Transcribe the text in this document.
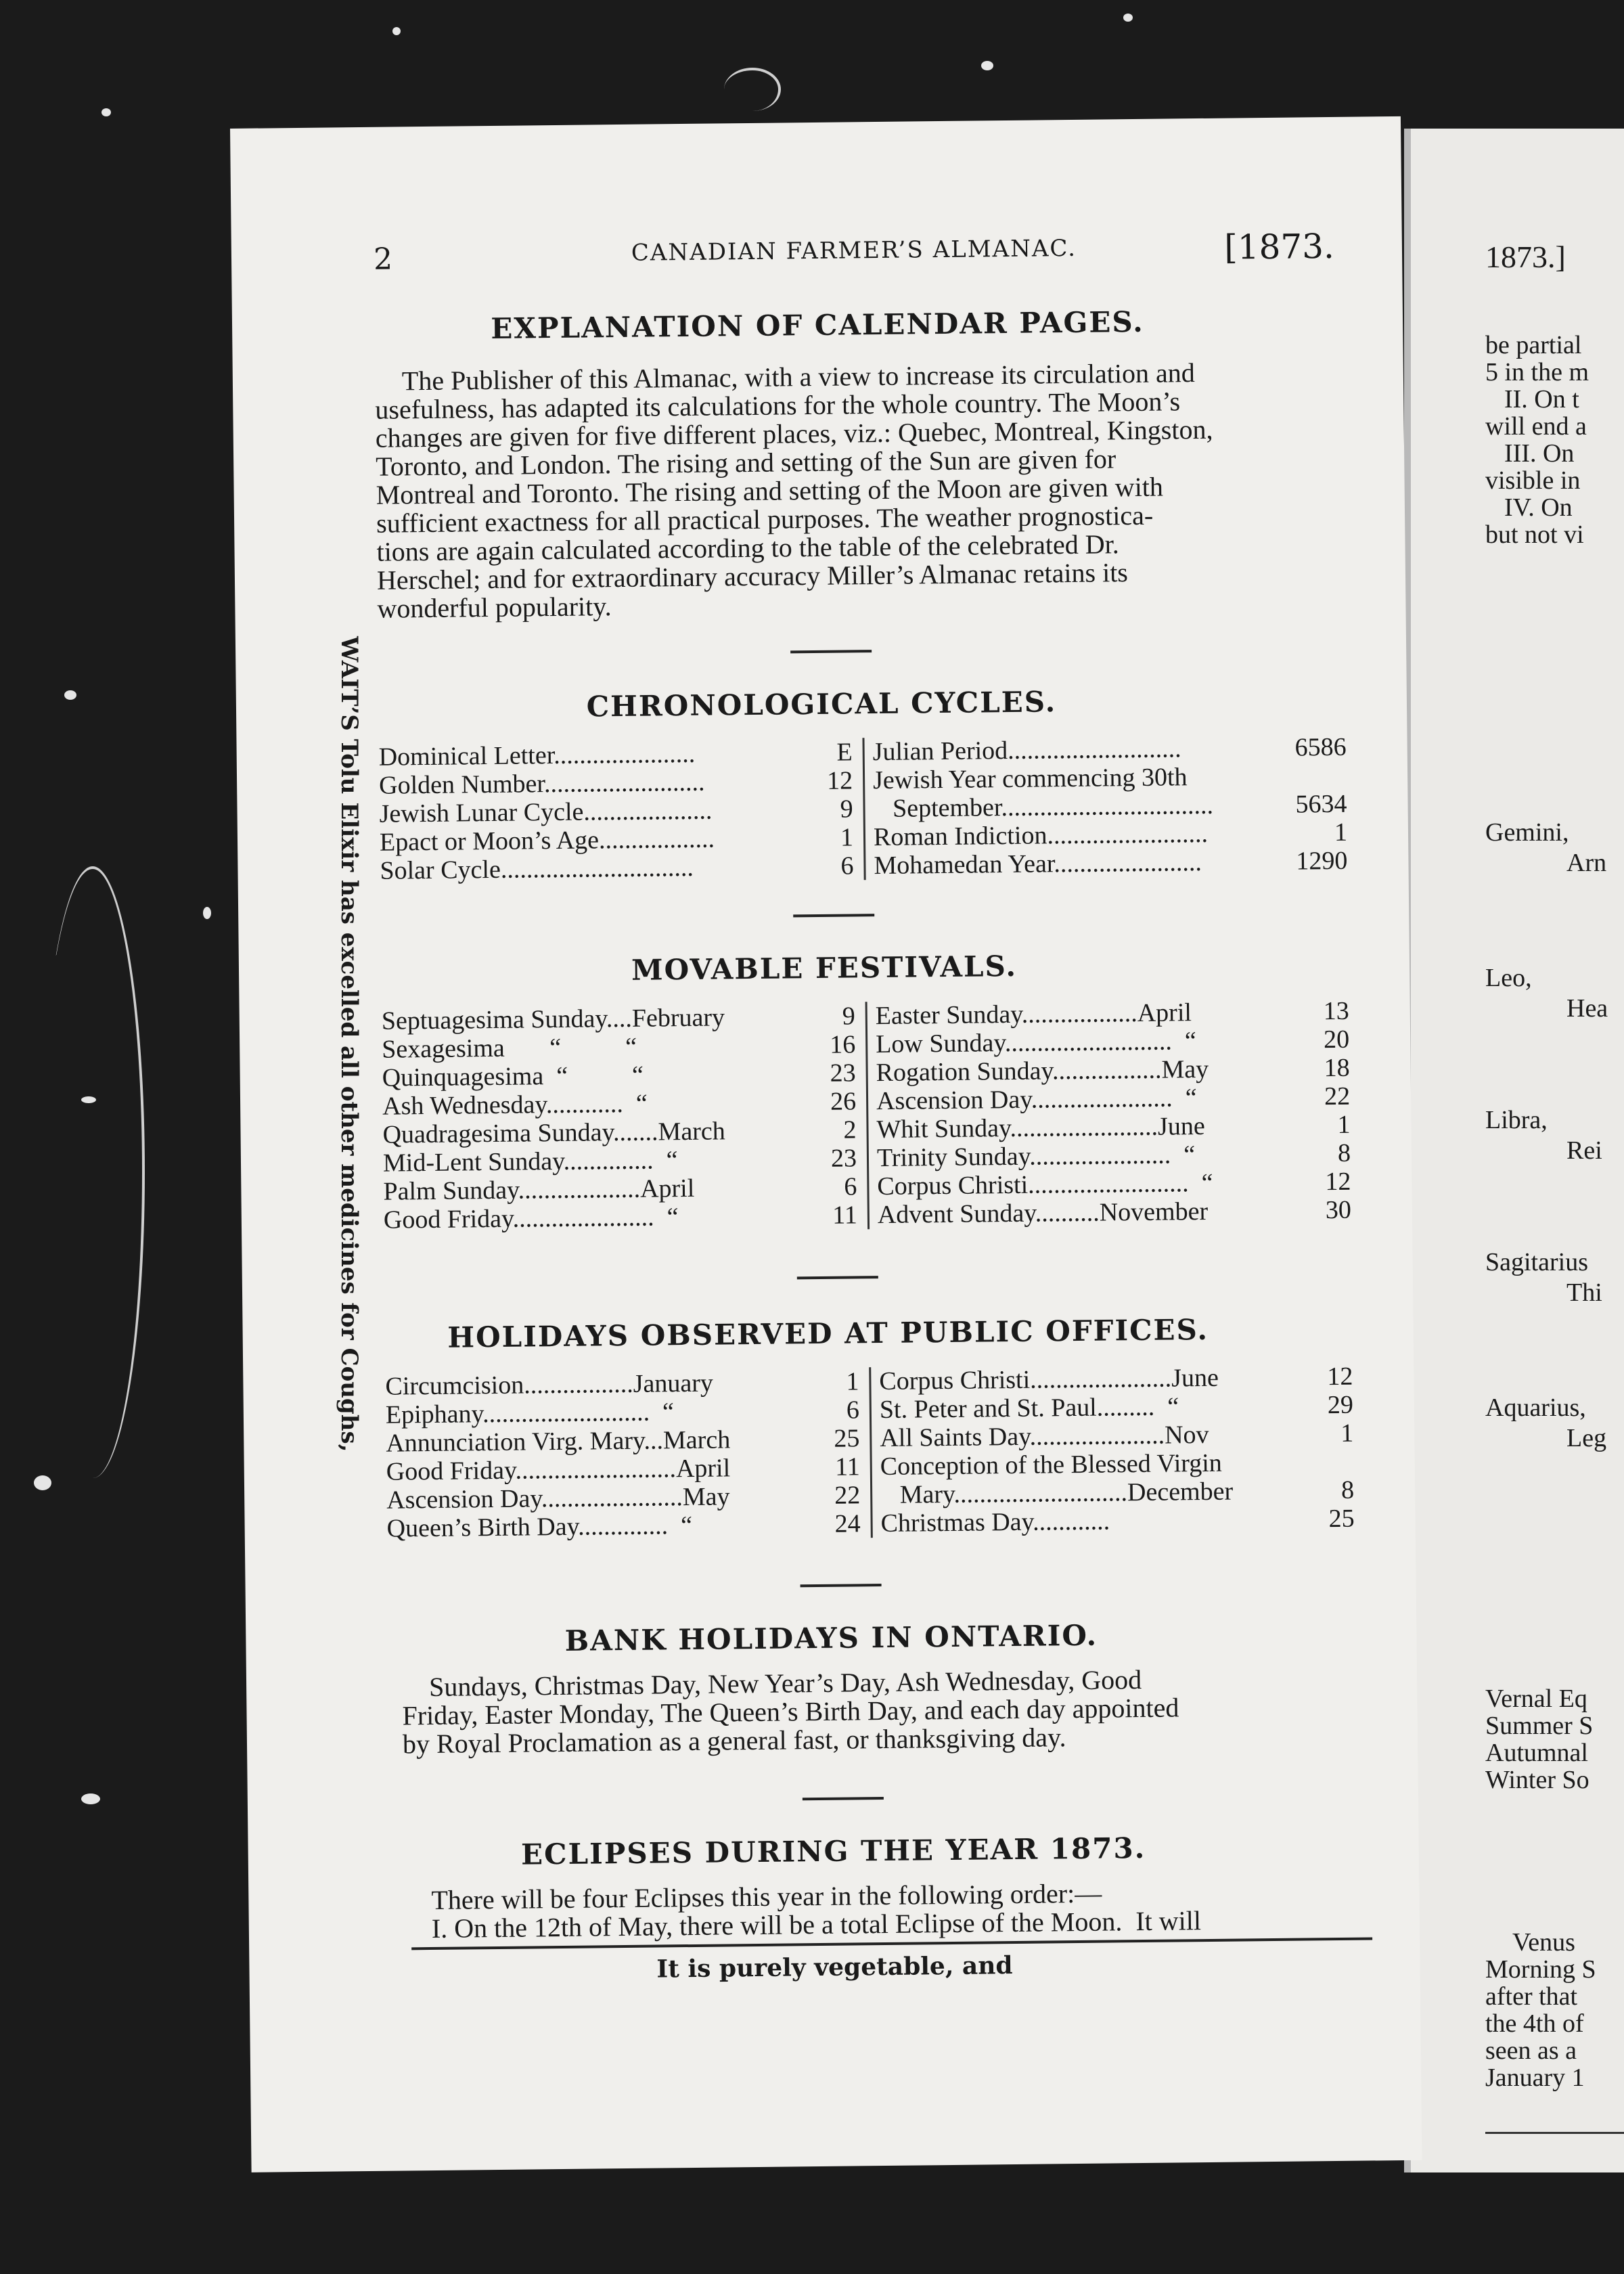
1873.]
be partial
5 in the m
II. On t
will end a
III. On
visible in
IV. On
but not vi
Gemini,
Arn
Leo,
Hea
Libra,
Rei
Sagitarius
Thi
Aquarius,
Leg
Vernal Eq
Summer S
Autumnal
Winter So
Venus
Morning S
after that
the 4th of
seen as a
January 1
2	CANADIAN FARMER’S ALMANAC.	[1873.
EXPLANATION OF CALENDAR PAGES.
The Publisher of this Almanac, with a view to increase its circulation and
usefulness, has adapted its calculations for the whole country. The Moon’s
changes are given for five different places, viz.: Quebec, Montreal, Kingston,
Toronto, and London. The rising and setting of the Sun are given for
Montreal and Toronto. The rising and setting of the Moon are given with
sufficient exactness for all practical purposes. The weather prognostica-
tions are again calculated according to the table of the celebrated Dr.
Herschel; and for extraordinary accuracy Miller’s Almanac retains its
wonderful popularity.
CHRONOLOGICAL CYCLES.
Dominical Letter......................	E
Golden Number.........................	12
Jewish Lunar Cycle....................	9
Epact or Moon’s Age..................	1
Solar Cycle..............................	6
Julian Period...........................	6586
Jewish Year commencing 30th
September.................................	5634
Roman Indiction.........................	1
Mohamedan Year.......................	1290
MOVABLE FESTIVALS.
Septuagesima Sunday....February	9
Sexagesima       “          “	16
Quinquagesima  “          “	23
Ash Wednesday............  “	26
Quadragesima Sunday.......March	2
Mid-Lent Sunday..............  “	23
Palm Sunday...................April	6
Good Friday......................  “	11
Easter Sunday..................April	13
Low Sunday..........................  “	20
Rogation Sunday.................May	18
Ascension Day......................  “	22
Whit Sunday.......................June	1
Trinity Sunday......................  “	8
Corpus Christi.........................  “	12
Advent Sunday..........November	30
HOLIDAYS OBSERVED AT PUBLIC OFFICES.
Circumcision.................January	1
Epiphany..........................  “	6
Annunciation Virg. Mary...March	25
Good Friday.........................April	11
Ascension Day......................May	22
Queen’s Birth Day..............  “	24
Corpus Christi......................June	12
St. Peter and St. Paul.........  “	29
All Saints Day.....................Nov	1
Conception of the Blessed Virgin
Mary...........................December	8
Christmas Day............	25
BANK HOLIDAYS IN ONTARIO.
Sundays, Christmas Day, New Year’s Day, Ash Wednesday, Good
Friday, Easter Monday, The Queen’s Birth Day, and each day appointed
by Royal Proclamation as a general fast, or thanksgiving day.
ECLIPSES DURING THE YEAR 1873.
There will be four Eclipses this year in the following order:—
I. On the 12th of May, there will be a total Eclipse of the Moon.  It will
It is purely vegetable, and
WAIT’S Tolu Elixir has excelled all other medicines for Coughs,
